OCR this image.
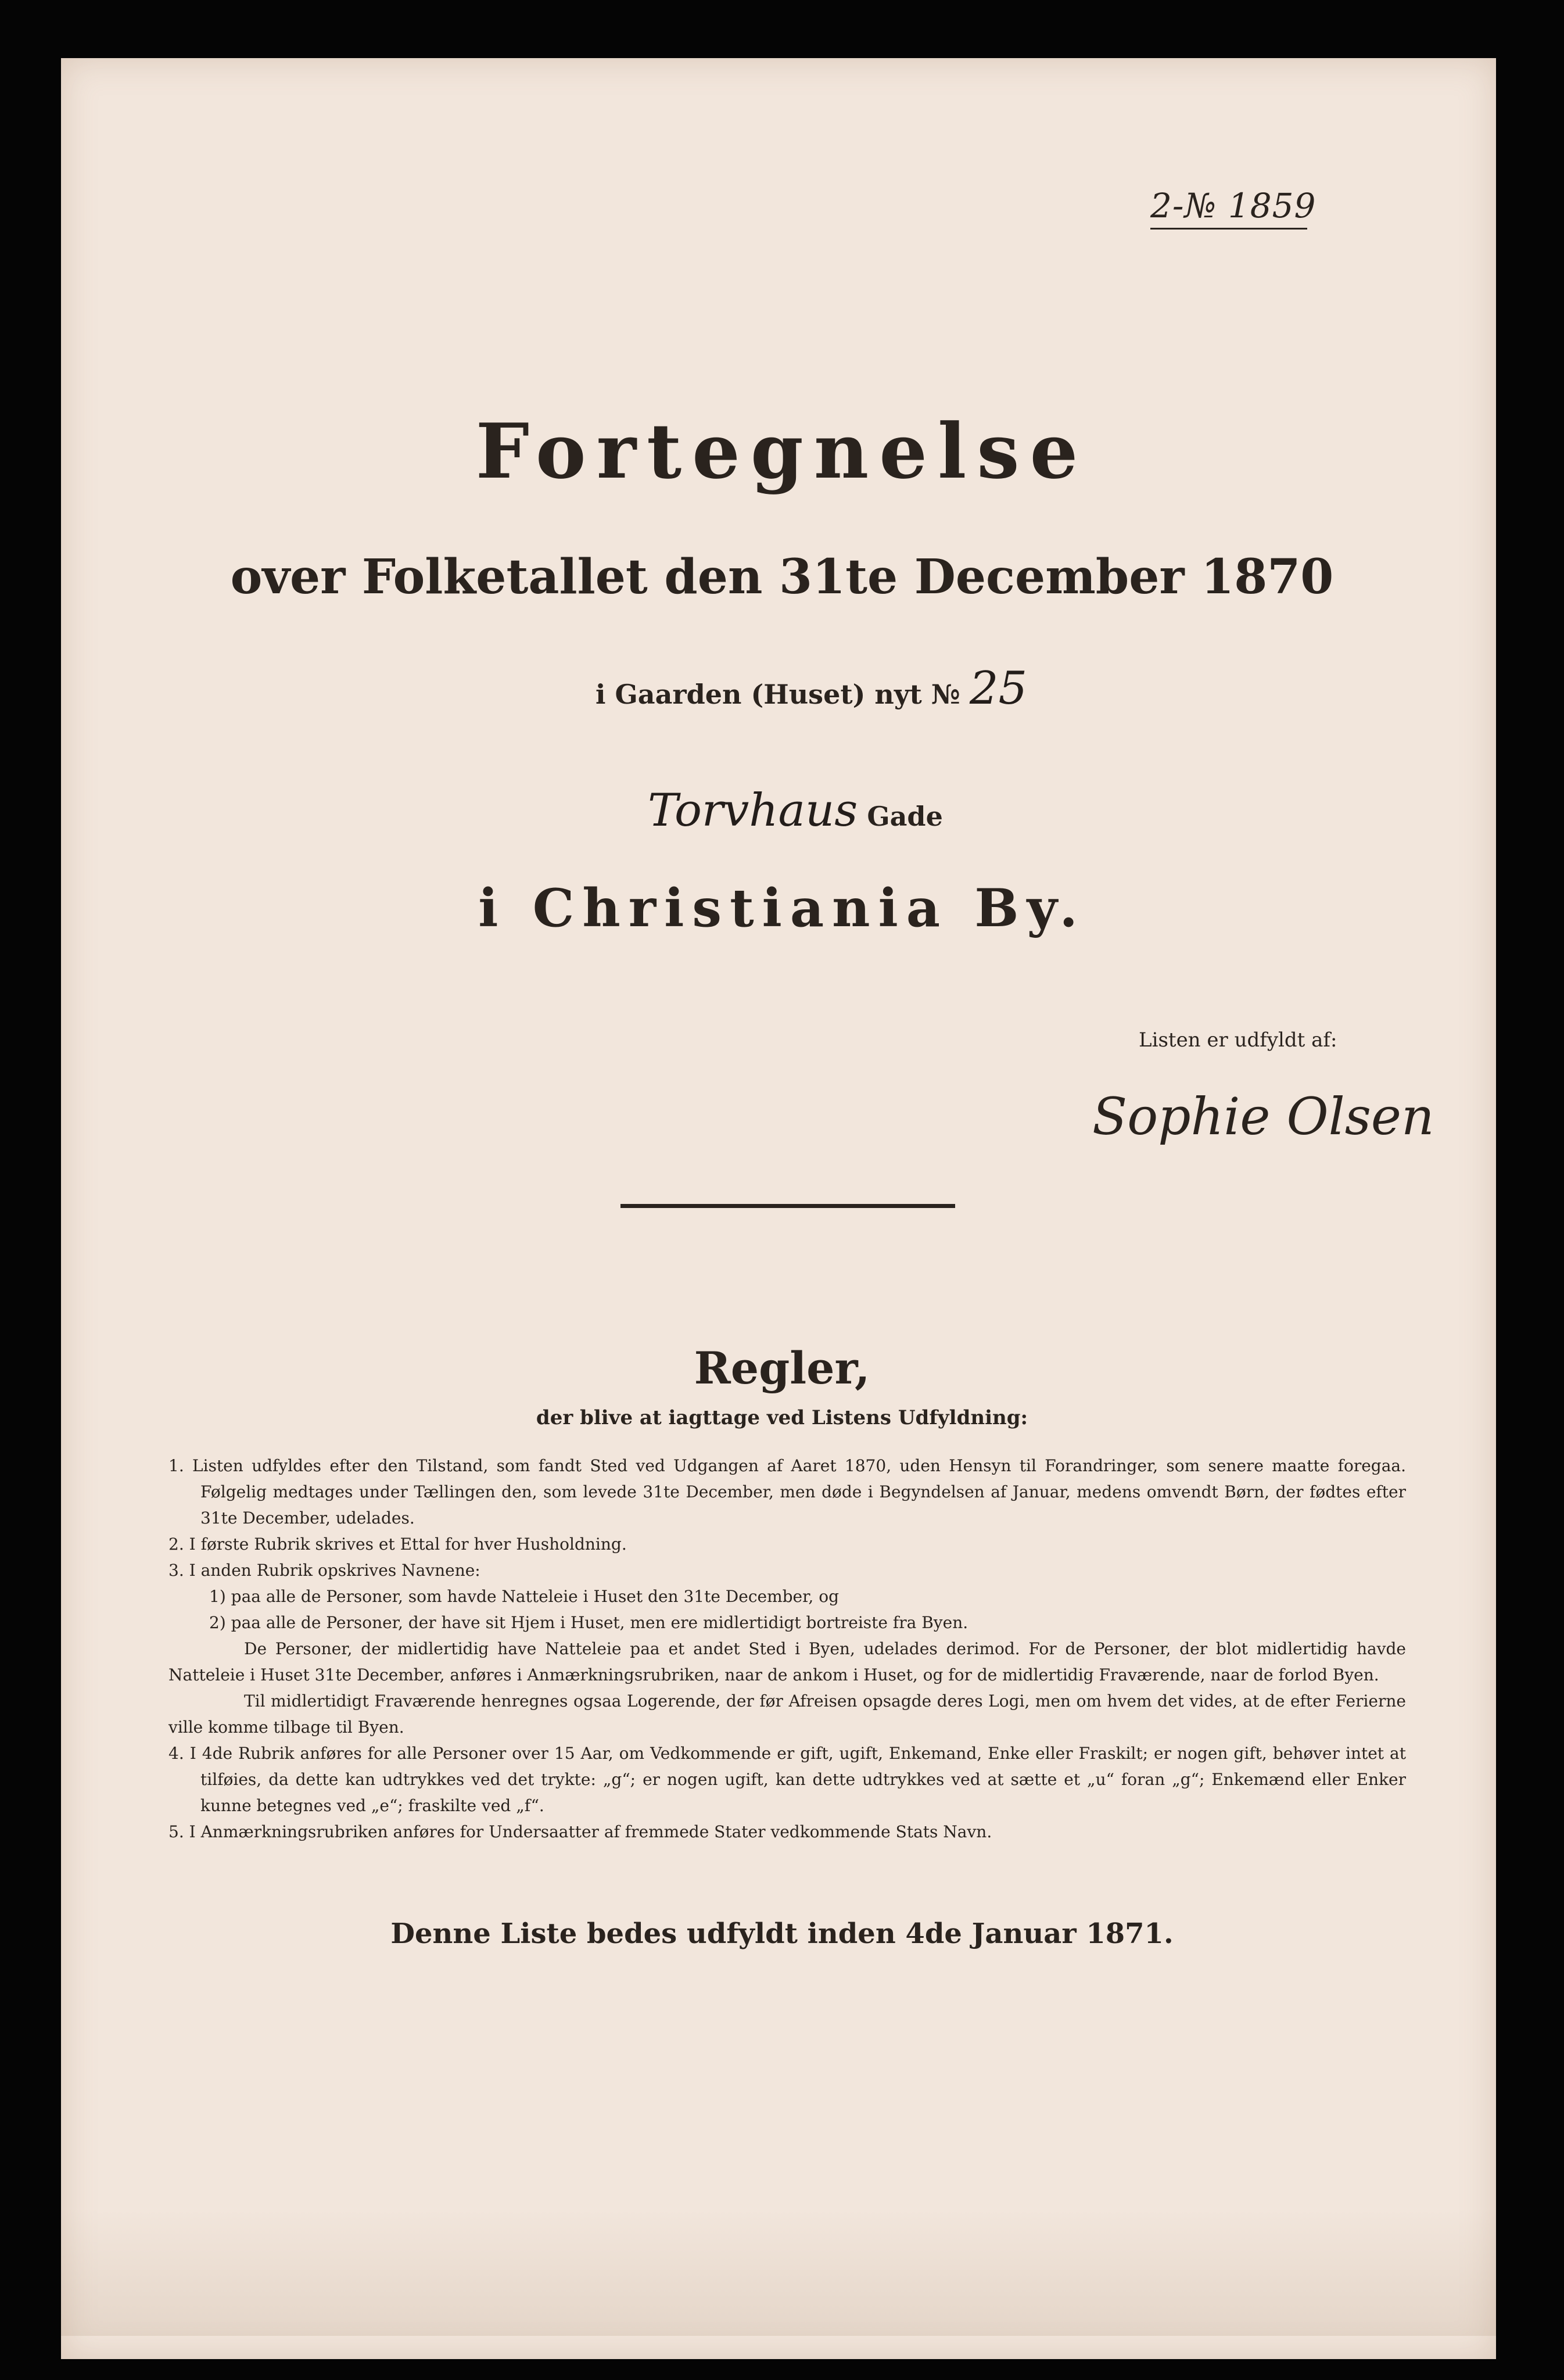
2-№ 1859
Fortegnelse
over Folketallet den 31te December 1870
i Gaarden (Huset) nyt № 25
Torvhaus Gade
i Christiania By.
Listen er udfyldt af:
Sophie Olsen
Regler,
der blive at iagttage ved Listens Udfyldning:

1. Listen udfyldes efter den Tilstand, som fandt Sted ved Udgangen af Aaret 1870, uden Hensyn til Forandringer, som senere maatte foregaa. Følgelig medtages under Tællingen den, som levede 31te December, men døde i Begyndelsen af Januar, medens omvendt Børn, der fødtes efter 31te December, udelades.

2. I første Rubrik skrives et Ettal for hver Husholdning.

3. I anden Rubrik opskrives Navnene:

1) paa alle de Personer, som havde Natteleie i Huset den 31te December, og

2) paa alle de Personer, der have sit Hjem i Huset, men ere midlertidigt bortreiste fra Byen.

De Personer, der midlertidig have Natteleie paa et andet Sted i Byen, udelades derimod. For de Personer, der blot midlertidig havde Natteleie i Huset 31te December, anføres i Anmærkningsrubriken, naar de ankom i Huset, og for de midlertidig Fraværende, naar de forlod Byen.

Til midlertidigt Fraværende henregnes ogsaa Logerende, der før Afreisen opsagde deres Logi, men om hvem det vides, at de efter Ferierne ville komme tilbage til Byen.

4. I 4de Rubrik anføres for alle Personer over 15 Aar, om Vedkommende er gift, ugift, Enkemand, Enke eller Fraskilt; er nogen gift, behøver intet at tilføies, da dette kan udtrykkes ved det trykte: „g“; er nogen ugift, kan dette udtrykkes ved at sætte et „u“ foran „g“; Enkemænd eller Enker kunne betegnes ved „e“; fraskilte ved „f“.

5. I Anmærkningsrubriken anføres for Undersaatter af fremmede Stater vedkommende Stats Navn.

Denne Liste bedes udfyldt inden 4de Januar 1871.
